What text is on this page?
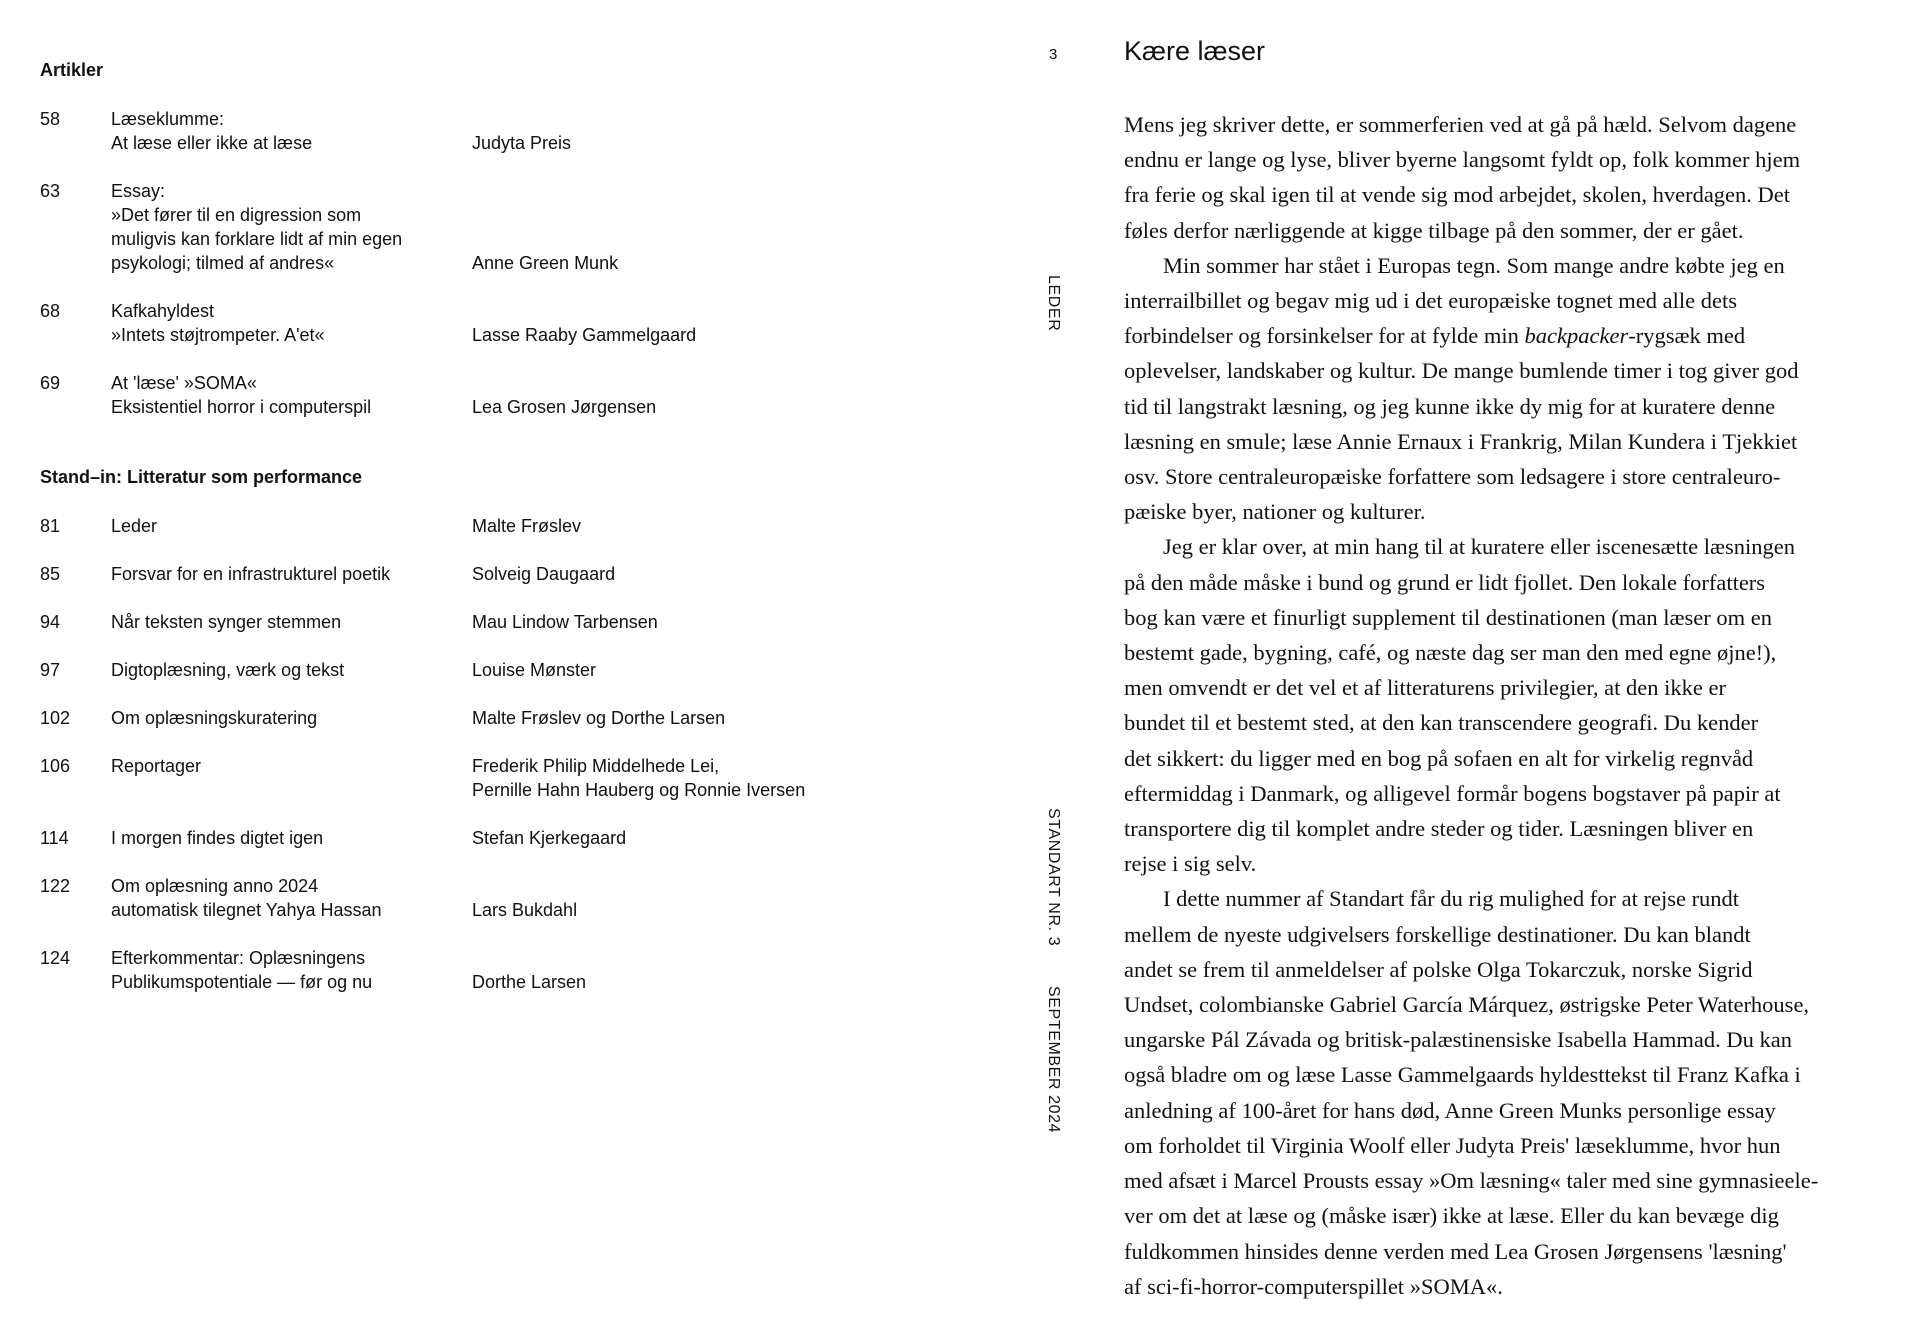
Artikler
58	Læseklumme:
At læse eller ikke at læse	Judyta Preis
63	Essay:
»Det fører til en digression som
muligvis kan forklare lidt af min egen
psykologi; tilmed af andres«	Anne Green Munk
68	Kafkahyldest
»Intets støjtrompeter. A'et«	Lasse Raaby Gammelgaard
69	At 'læse' »SOMA«
Eksistentiel horror i computerspil	Lea Grosen Jørgensen
Stand–in: Litteratur som performance
81	Leder	Malte Frøslev
85	Forsvar for en infrastrukturel poetik	Solveig Daugaard
94	Når teksten synger stemmen	Mau Lindow Tarbensen
97	Digtoplæsning, værk og tekst	Louise Mønster
102	Om oplæsningskuratering	Malte Frøslev og Dorthe Larsen
106	Reportager	Frederik Philip Middelhede Lei,
Pernille Hahn Hauberg og Ronnie Iversen
114	I morgen findes digtet igen	Stefan Kjerkegaard
122	Om oplæsning anno 2024
automatisk tilegnet Yahya Hassan	Lars Bukdahl
124	Efterkommentar: Oplæsningens
Publikumspotentiale — før og nu	Dorthe Larsen
3
LEDER
STANDART NR. 3
SEPTEMBER 2024
Kære læser

Mens jeg skriver dette, er sommerferien ved at gå på hæld. Selvom dagene
endnu er lange og lyse, bliver byerne langsomt fyldt op, folk kommer hjem
fra ferie og skal igen til at vende sig mod arbejdet, skolen, hverdagen. Det
føles derfor nærliggende at kigge tilbage på den sommer, der er gået.

Min sommer har stået i Europas tegn. Som mange andre købte jeg en
interrailbillet og begav mig ud i det europæiske tognet med alle dets
forbindelser og forsinkelser for at fylde min backpacker-rygsæk med
oplevelser, landskaber og kultur. De mange bumlende timer i tog giver god
tid til langstrakt læsning, og jeg kunne ikke dy mig for at kuratere denne
læsning en smule; læse Annie Ernaux i Frankrig, Milan Kundera i Tjekkiet
osv. Store centraleuropæiske forfattere som ledsagere i store centraleuro-
pæiske byer, nationer og kulturer.

Jeg er klar over, at min hang til at kuratere eller iscenesætte læsningen
på den måde måske i bund og grund er lidt fjollet. Den lokale forfatters
bog kan være et finurligt supplement til destinationen (man læser om en
bestemt gade, bygning, café, og næste dag ser man den med egne øjne!),
men omvendt er det vel et af litteraturens privilegier, at den ikke er
bundet til et bestemt sted, at den kan transcendere geografi. Du kender
det sikkert: du ligger med en bog på sofaen en alt for virkelig regnvåd
eftermiddag i Danmark, og alligevel formår bogens bogstaver på papir at
transportere dig til komplet andre steder og tider. Læsningen bliver en
rejse i sig selv.

I dette nummer af Standart får du rig mulighed for at rejse rundt
mellem de nyeste udgivelsers forskellige destinationer. Du kan blandt
andet se frem til anmeldelser af polske Olga Tokarczuk, norske Sigrid
Undset, colombianske Gabriel García Márquez, østrigske Peter Waterhouse,
ungarske Pál Závada og britisk-palæstinensiske Isabella Hammad. Du kan
også bladre om og læse Lasse Gammelgaards hyldesttekst til Franz Kafka i
anledning af 100-året for hans død, Anne Green Munks personlige essay
om forholdet til Virginia Woolf eller Judyta Preis' læseklumme, hvor hun
med afsæt i Marcel Prousts essay »Om læsning« taler med sine gymnasieele-
ver om det at læse og (måske især) ikke at læse. Eller du kan bevæge dig
fuldkommen hinsides denne verden med Lea Grosen Jørgensens 'læsning'
af sci-fi-horror-computerspillet »SOMA«.
